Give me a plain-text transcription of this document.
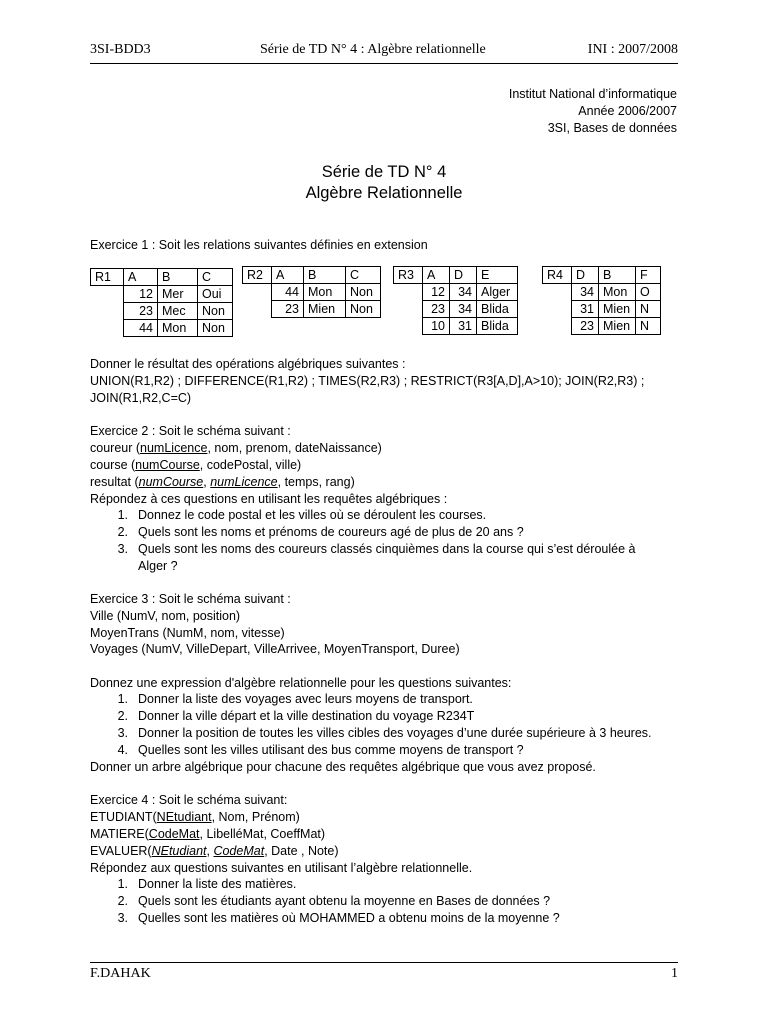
3SI-BDD3	Série de TD N° 4 : Algèbre relationnelle	INI : 2007/2008
Institut National d’informatique
Année 2006/2007
3SI, Bases de données
Série de TD N° 4
Algèbre Relationnelle
Exercice 1 : Soit les relations suivantes définies en extension
R1	A	B	C
	12	Mer	Oui
	23	Mec	Non
	44	Mon	Non
R2	A	B	C
	44	Mon	Non
	23	Mien	Non
R3	A	D	E
	12	34	Alger
	23	34	Blida
	10	31	Blida
R4	D	B	F
	34	Mon	O
	31	Mien	N
	23	Mien	N
Donner le résultat des opérations algébriques suivantes :
UNION(R1,R2) ; DIFFERENCE(R1,R2) ; TIMES(R2,R3) ; RESTRICT(R3[A,D],A>10); JOIN(R2,R3) ;
JOIN(R1,R2,C=C)
Exercice 2 : Soit le schéma suivant :
coureur (numLicence, nom, prenom, dateNaissance)
course (numCourse, codePostal, ville)
resultat (numCourse, numLicence, temps, rang)
Répondez à ces questions en utilisant les requêtes algébriques :
1. Donnez le code postal et les villes où se déroulent les courses.
2. Quels sont les noms et prénoms de coureurs agé de plus de 20 ans ?
3. Quels sont les noms des coureurs classés cinquièmes dans la course qui s’est déroulée à
Alger ?
Exercice 3 : Soit le schéma suivant :
Ville (NumV, nom, position)
MoyenTrans (NumM, nom, vitesse)
Voyages (NumV, VilleDepart, VilleArrivee, MoyenTransport, Duree)
Donnez une expression d'algèbre relationnelle pour les questions suivantes:
1. Donner la liste des voyages avec leurs moyens de transport.
2. Donner la ville départ et la ville destination du voyage R234T
3. Donner la position de toutes les villes cibles des voyages d’une durée supérieure à 3 heures.
4. Quelles sont les villes utilisant des bus comme moyens de transport ?
Donner un arbre algébrique pour chacune des requêtes algébrique que vous avez proposé.
Exercice 4 : Soit le schéma suivant:
ETUDIANT(NEtudiant, Nom, Prénom)
MATIERE(CodeMat, LibelléMat, CoeffMat)
EVALUER(NEtudiant, CodeMat, Date , Note)
Répondez aux questions suivantes en utilisant l’algèbre relationnelle.
1. Donner la liste des matières.
2. Quels sont les étudiants ayant obtenu la moyenne en Bases de données ?
3. Quelles sont les matières où MOHAMMED a obtenu moins de la moyenne ?
F.DAHAK	1
